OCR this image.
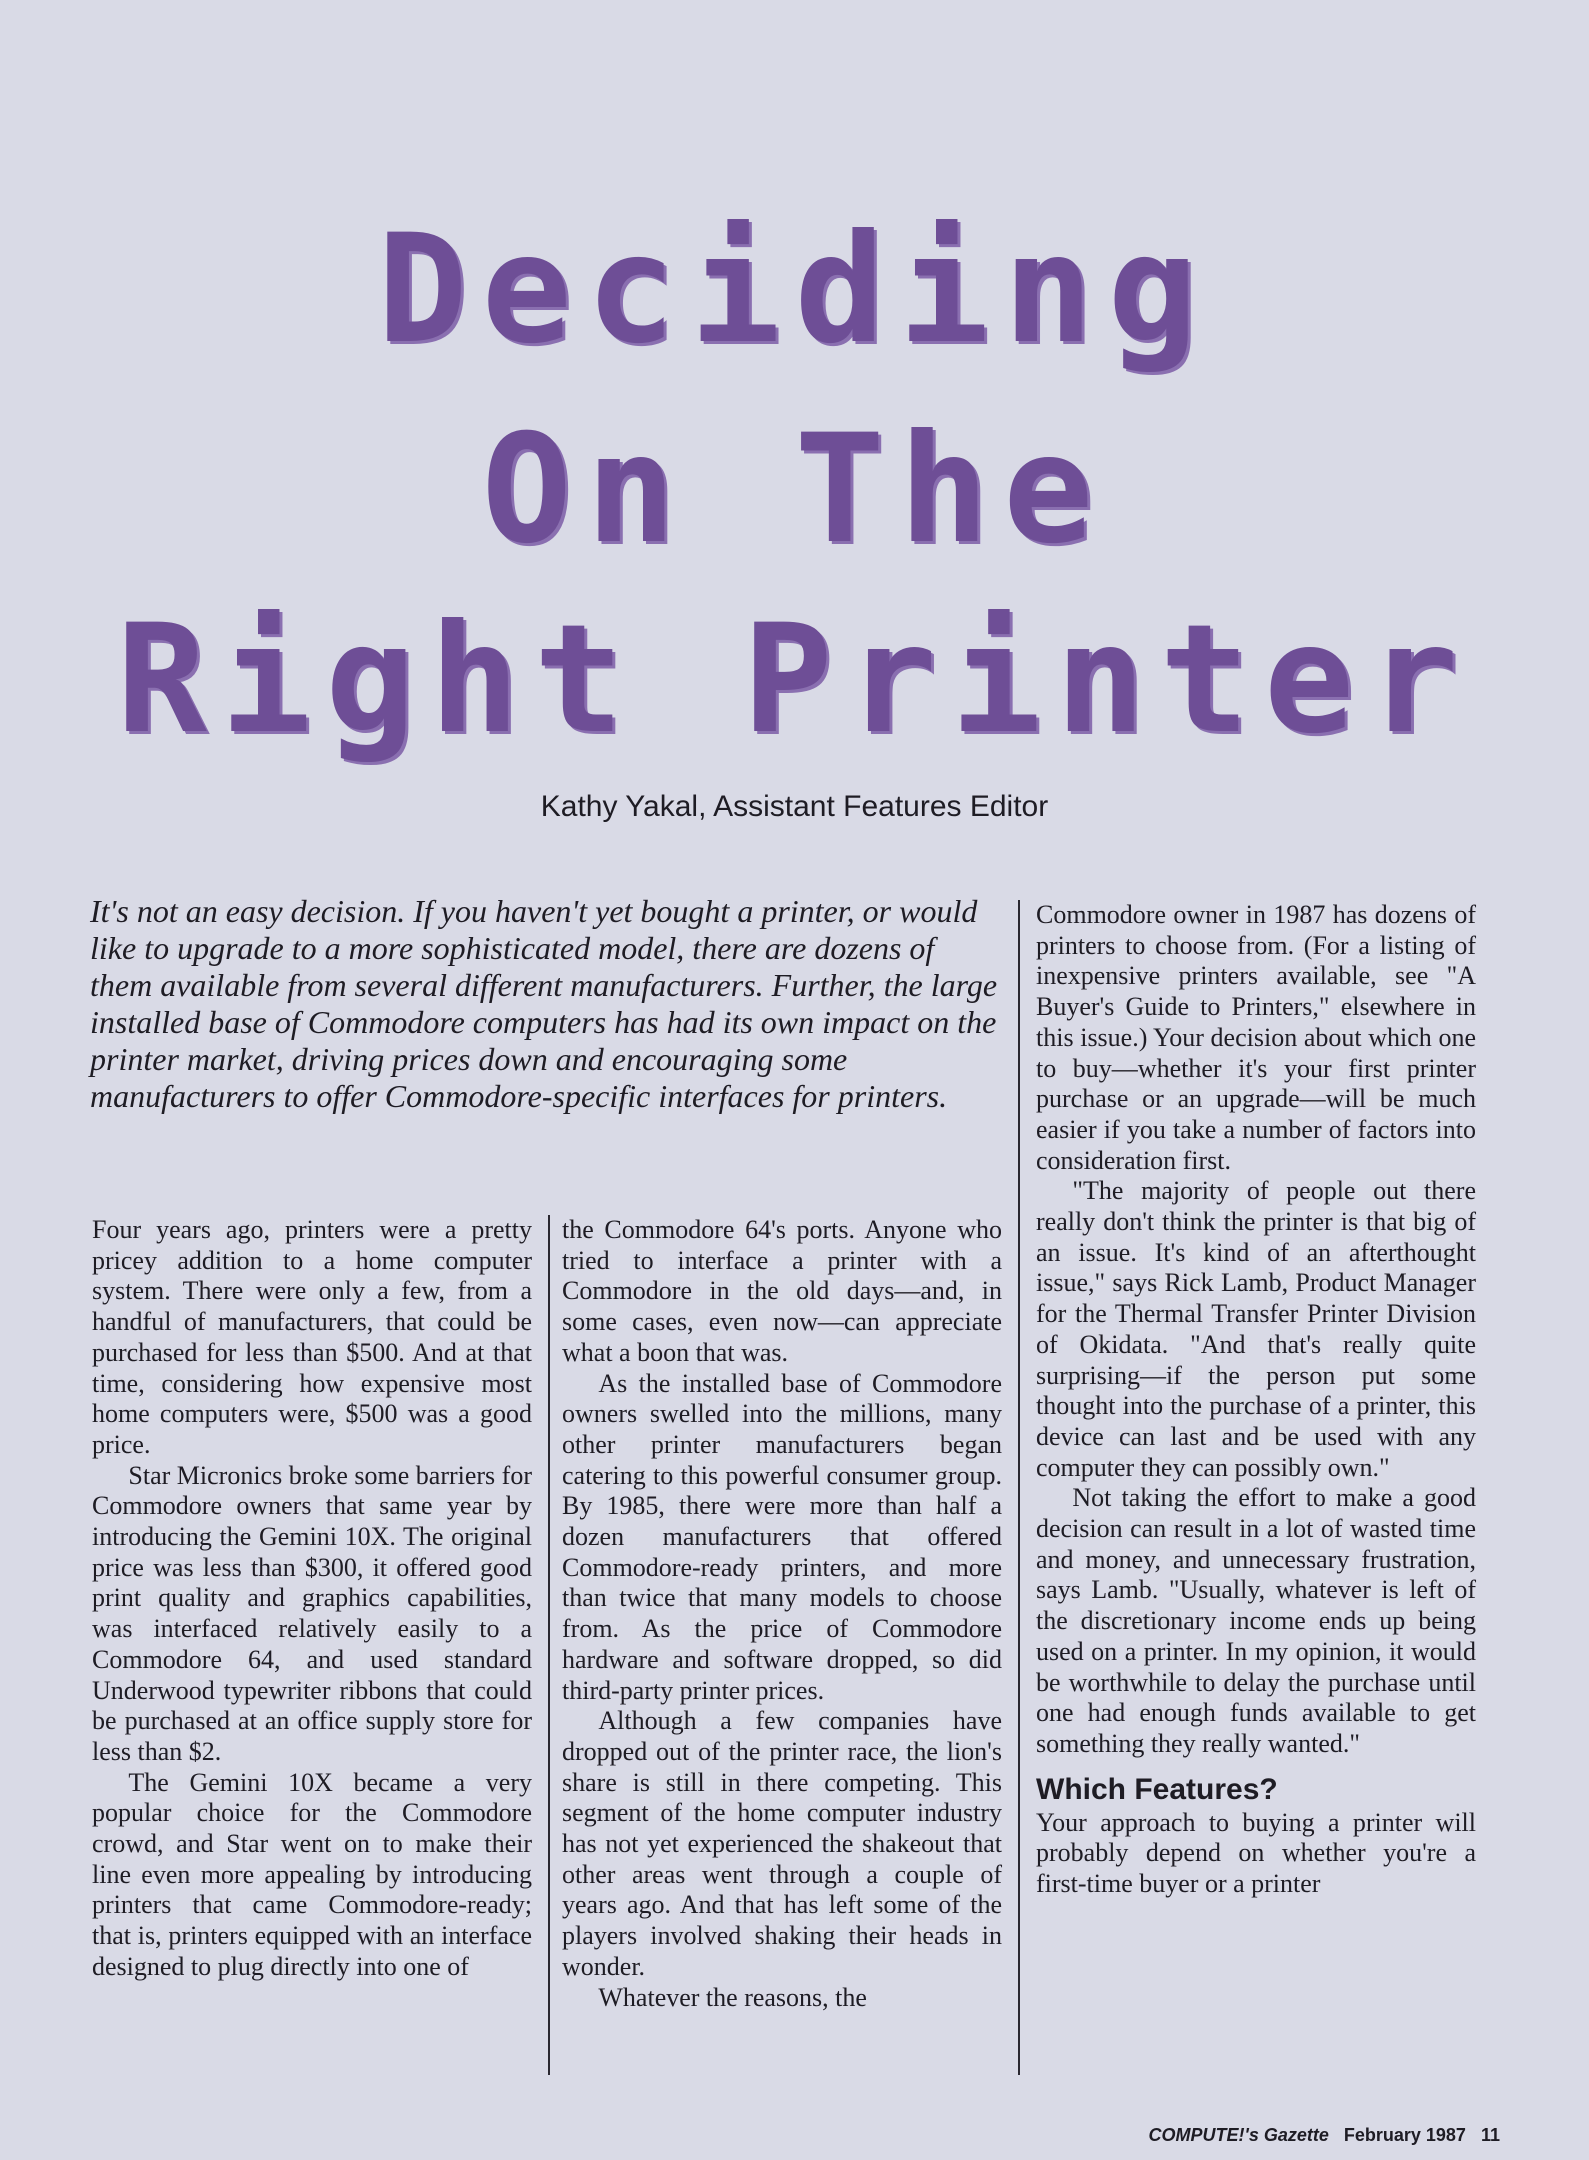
Deciding
On The
Right Printer
Kathy Yakal, Assistant Features Editor
It's not an easy decision. If you haven't yet bought a printer, or would like to upgrade to a more sophisticated model, there are dozens of them available from several different manufacturers. Further, the large installed base of Commodore computers has had its own impact on the printer market, driving prices down and encouraging some manufacturers to offer Commodore-specific interfaces for printers.

Four years ago, printers were a pretty pricey addition to a home computer system. There were only a few, from a handful of manufacturers, that could be purchased for less than $500. And at that time, considering how expensive most home computers were, $500 was a good price.

Star Micronics broke some barriers for Commodore owners that same year by introducing the Gemini 10X. The original price was less than $300, it offered good print quality and graphics capabilities, was interfaced relatively easily to a Commodore 64, and used standard Underwood typewriter ribbons that could be purchased at an office supply store for less than $2.

The Gemini 10X became a very popular choice for the Commodore crowd, and Star went on to make their line even more appealing by introducing printers that came Commodore-ready; that is, printers equipped with an interface designed to plug directly into one of

the Commodore 64's ports. Anyone who tried to interface a printer with a Commodore in the old days—and, in some cases, even now—can appreciate what a boon that was.

As the installed base of Commodore owners swelled into the millions, many other printer manufacturers began catering to this powerful consumer group. By 1985, there were more than half a dozen manufacturers that offered Commodore-ready printers, and more than twice that many models to choose from. As the price of Commodore hardware and software dropped, so did third-party printer prices.

Although a few companies have dropped out of the printer race, the lion's share is still in there competing. This segment of the home computer industry has not yet experienced the shakeout that other areas went through a couple of years ago. And that has left some of the players involved shaking their heads in wonder.

Whatever the reasons, the

Commodore owner in 1987 has dozens of printers to choose from. (For a listing of inexpensive printers available, see "A Buyer's Guide to Printers," elsewhere in this issue.) Your decision about which one to buy—whether it's your first printer purchase or an upgrade—will be much easier if you take a number of factors into consideration first.

"The majority of people out there really don't think the printer is that big of an issue. It's kind of an afterthought issue," says Rick Lamb, Product Manager for the Thermal Transfer Printer Division of Okidata. "And that's really quite surprising—if the person put some thought into the purchase of a printer, this device can last and be used with any computer they can possibly own."

Not taking the effort to make a good decision can result in a lot of wasted time and money, and unnecessary frustration, says Lamb. "Usually, whatever is left of the discretionary income ends up being used on a printer. In my opinion, it would be worthwhile to delay the purchase until one had enough funds available to get something they really wanted."

Which Features?

Your approach to buying a printer will probably depend on whether you're a first-time buyer or a printer

COMPUTE!'s Gazette February 1987 11
